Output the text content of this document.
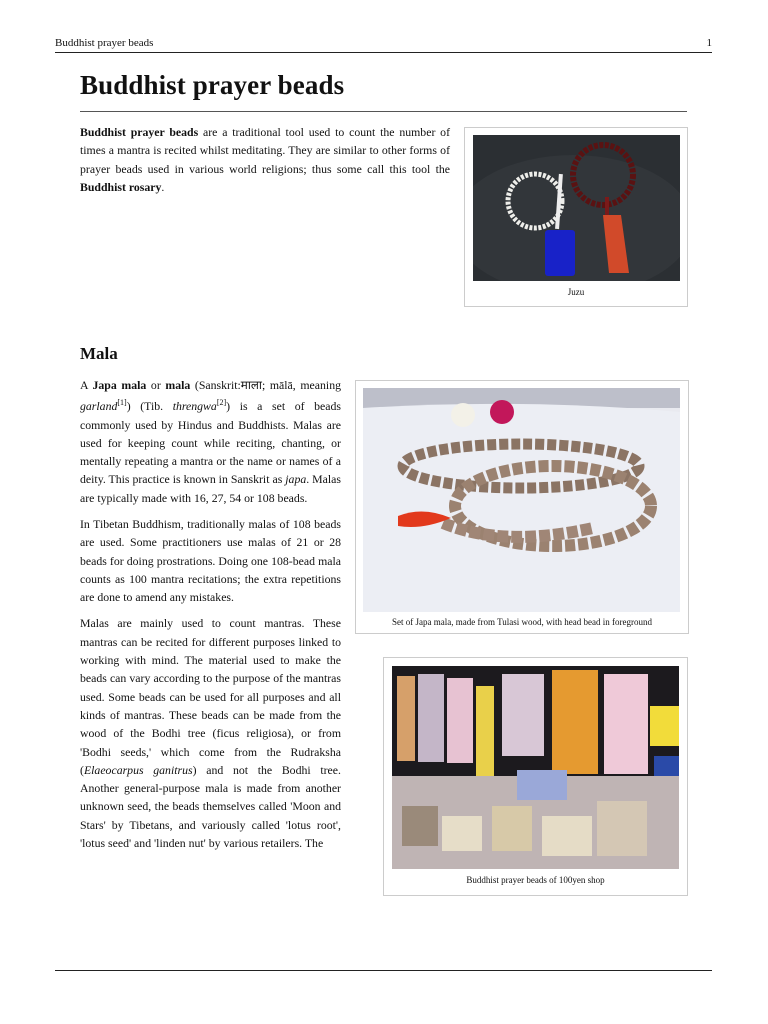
Buddhist prayer beads	1
Buddhist prayer beads

Buddhist prayer beads are a traditional tool used to count the number of times a mantra is recited whilst meditating. They are similar to other forms of prayer beads used in various world religions; thus some call this tool the Buddhist rosary.

Juzu
Mala

A Japa mala or mala (Sanskrit:माला; mālā, meaning garland[1]) (Tib. threngwa[2]) is a set of beads commonly used by Hindus and Buddhists. Malas are used for keeping count while reciting, chanting, or mentally repeating a mantra or the name or names of a deity. This practice is known in Sanskrit as japa. Malas are typically made with 16, 27, 54 or 108 beads.

In Tibetan Buddhism, traditionally malas of 108 beads are used. Some practitioners use malas of 21 or 28 beads for doing prostrations. Doing one 108-bead mala counts as 100 mantra recitations; the extra repetitions are done to amend any mistakes.

Malas are mainly used to count mantras. These mantras can be recited for different purposes linked to working with mind. The material used to make the beads can vary according to the purpose of the mantras used. Some beads can be used for all purposes and all kinds of mantras. These beads can be made from the wood of the Bodhi tree (ficus religiosa), or from 'Bodhi seeds,' which come from the Rudraksha (Elaeocarpus ganitrus) and not the Bodhi tree. Another general-purpose mala is made from another unknown seed, the beads themselves called 'Moon and Stars' by Tibetans, and variously called 'lotus root', 'lotus seed' and 'linden nut' by various retailers. The

Set of Japa mala, made from Tulasi wood, with head bead in foreground
Buddhist prayer beads of 100yen shop
